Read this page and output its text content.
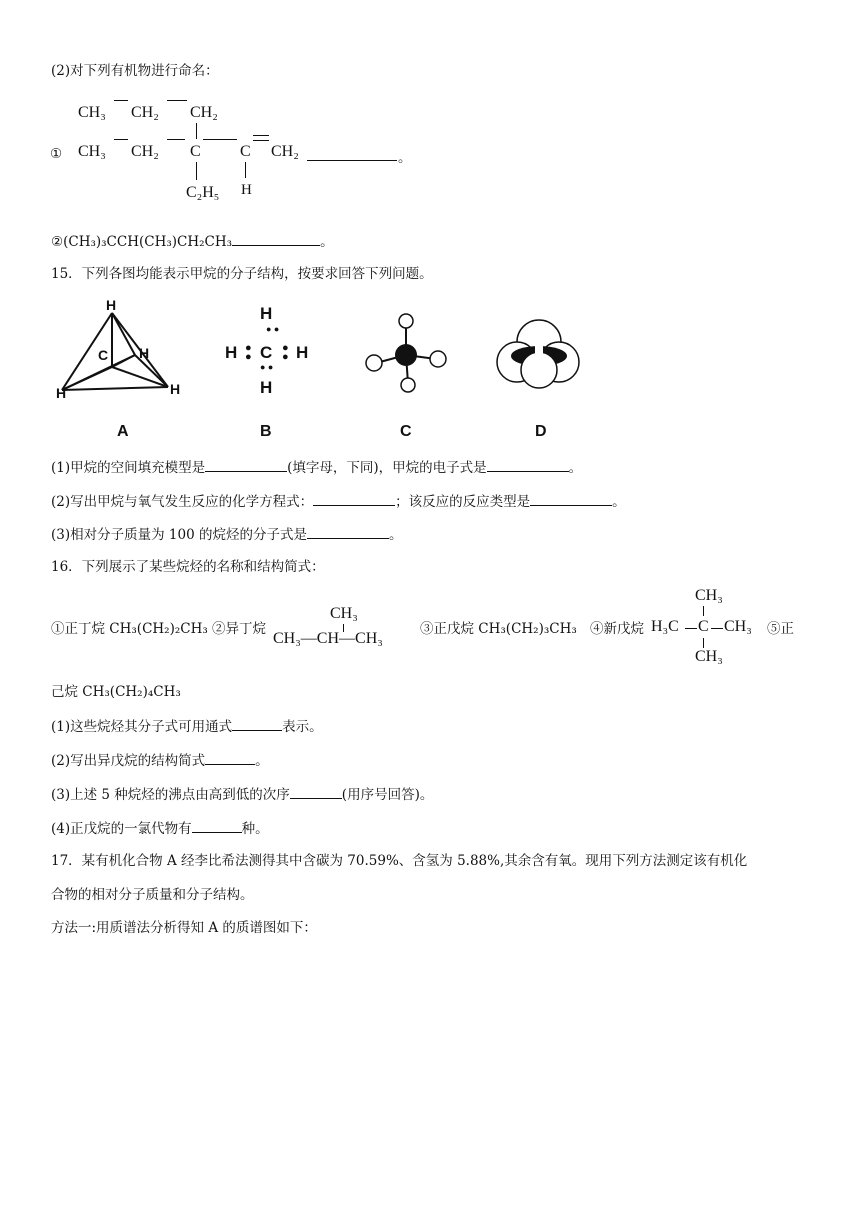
(2)对下列有机物进行命名：
CH₃ CH₂ CH₂
① CH₃ CH₂ C C CH₂	。
C₂H₅ H
②(CH₃)₃CCH(CH₃)CH₂CH₃	。
15．下列各图均能表示甲烷的分子结构，按要求回答下列问题。
H
C H
H	H
A
H
● ●
H ●
● C ●
● H
● ●
H
B	C	D
(1)甲烷的空间填充模型是	(填字母，下同)，甲烷的电子式是	。
(2)写出甲烷与氧气发生反应的化学方程式：	；该反应的反应类型是	。
(3)相对分子质量为 100 的烷烃的分子式是	。
16．下列展示了某些烷烃的名称和结构简式：
①正丁烷 CH₃(CH₂)₂CH₃ ②异丁烷
CH₃
CH₃—CH—CH₃
③正戊烷 CH₃(CH₂)₃CH₃ ④新戊烷
CH₃
H₃C C CH₃
CH₃
⑤正
己烷 CH₃(CH₂)₄CH₃
(1)这些烷烃其分子式可用通式	表示。
(2)写出异戊烷的结构简式	。
(3)上述 5 种烷烃的沸点由高到低的次序	(用序号回答)。
(4)正戊烷的一氯代物有	种。
17．某有机化合物 A 经李比希法测得其中含碳为 70.59%、含氢为 5.88%,其余含有氧。现用下列方法测定该有机化
合物的相对分子质量和分子结构。
方法一:用质谱法分析得知 A 的质谱图如下：
